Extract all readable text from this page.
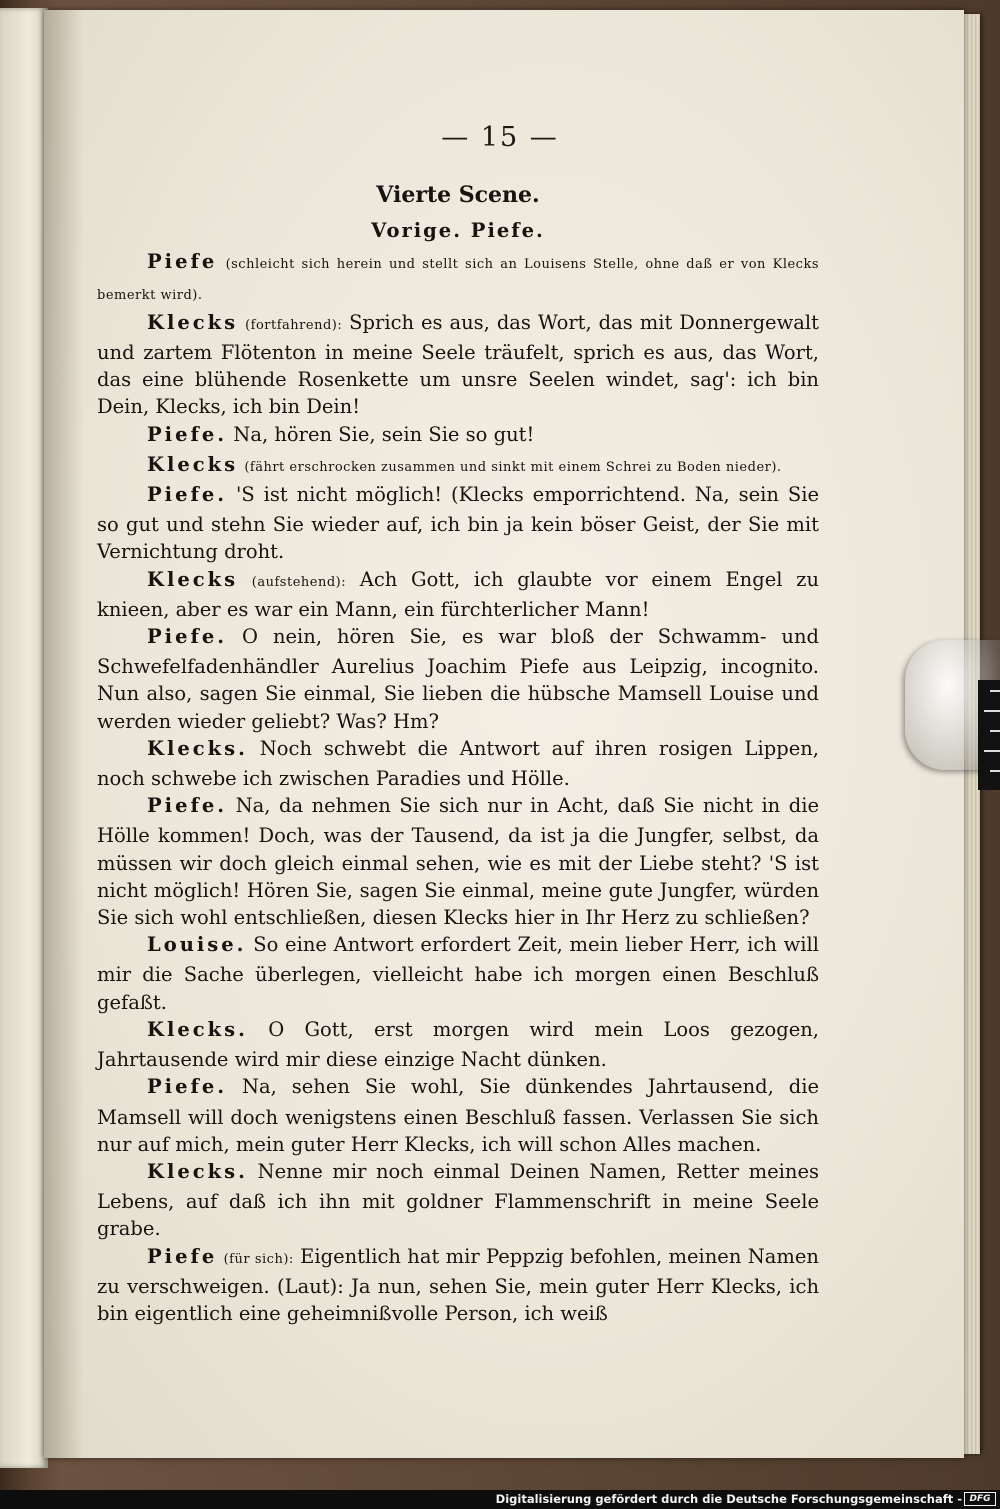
— 15 —
Vierte Scene.
Vorige. Piefe.

Piefe (schleicht sich herein und stellt sich an Louisens Stelle, ohne daß er von Klecks bemerkt wird).

Klecks (fortfahrend): Sprich es aus, das Wort, das mit Donnergewalt und zartem Flötenton in meine Seele träufelt, sprich es aus, das Wort, das eine blühende Rosenkette um unsre Seelen windet, sag': ich bin Dein, Klecks, ich bin Dein!

Piefe. Na, hören Sie, sein Sie so gut!

Klecks (fährt erschrocken zusammen und sinkt mit einem Schrei zu Boden nieder).

Piefe. 'S ist nicht möglich! (Klecks emporrichtend. Na, sein Sie so gut und stehn Sie wieder auf, ich bin ja kein böser Geist, der Sie mit Vernichtung droht.

Klecks (aufstehend): Ach Gott, ich glaubte vor einem Engel zu knieen, aber es war ein Mann, ein fürchterlicher Mann!

Piefe. O nein, hören Sie, es war bloß der Schwamm- und Schwefelfadenhändler Aurelius Joachim Piefe aus Leipzig, incognito. Nun also, sagen Sie einmal, Sie lieben die hübsche Mamsell Louise und werden wieder geliebt? Was? Hm?

Klecks. Noch schwebt die Antwort auf ihren rosigen Lippen, noch schwebe ich zwischen Paradies und Hölle.

Piefe. Na, da nehmen Sie sich nur in Acht, daß Sie nicht in die Hölle kommen! Doch, was der Tausend, da ist ja die Jungfer, selbst, da müssen wir doch gleich einmal sehen, wie es mit der Liebe steht? 'S ist nicht möglich! Hören Sie, sagen Sie einmal, meine gute Jungfer, würden Sie sich wohl entschließen, diesen Klecks hier in Ihr Herz zu schließen?

Louise. So eine Antwort erfordert Zeit, mein lieber Herr, ich will mir die Sache überlegen, vielleicht habe ich morgen einen Beschluß gefaßt.

Klecks. O Gott, erst morgen wird mein Loos gezogen, Jahrtausende wird mir diese einzige Nacht dünken.

Piefe. Na, sehen Sie wohl, Sie dünkendes Jahrtausend, die Mamsell will doch wenigstens einen Beschluß fassen. Verlassen Sie sich nur auf mich, mein guter Herr Klecks, ich will schon Alles machen.

Klecks. Nenne mir noch einmal Deinen Namen, Retter meines Lebens, auf daß ich ihn mit goldner Flammenschrift in meine Seele grabe.

Piefe (für sich): Eigentlich hat mir Peppzig befohlen, meinen Namen zu verschweigen. (Laut): Ja nun, sehen Sie, mein guter Herr Klecks, ich bin eigentlich eine geheimnißvolle Person, ich weiß

Digitalisierung gefördert durch die Deutsche Forschungsgemeinschaft - DFG
